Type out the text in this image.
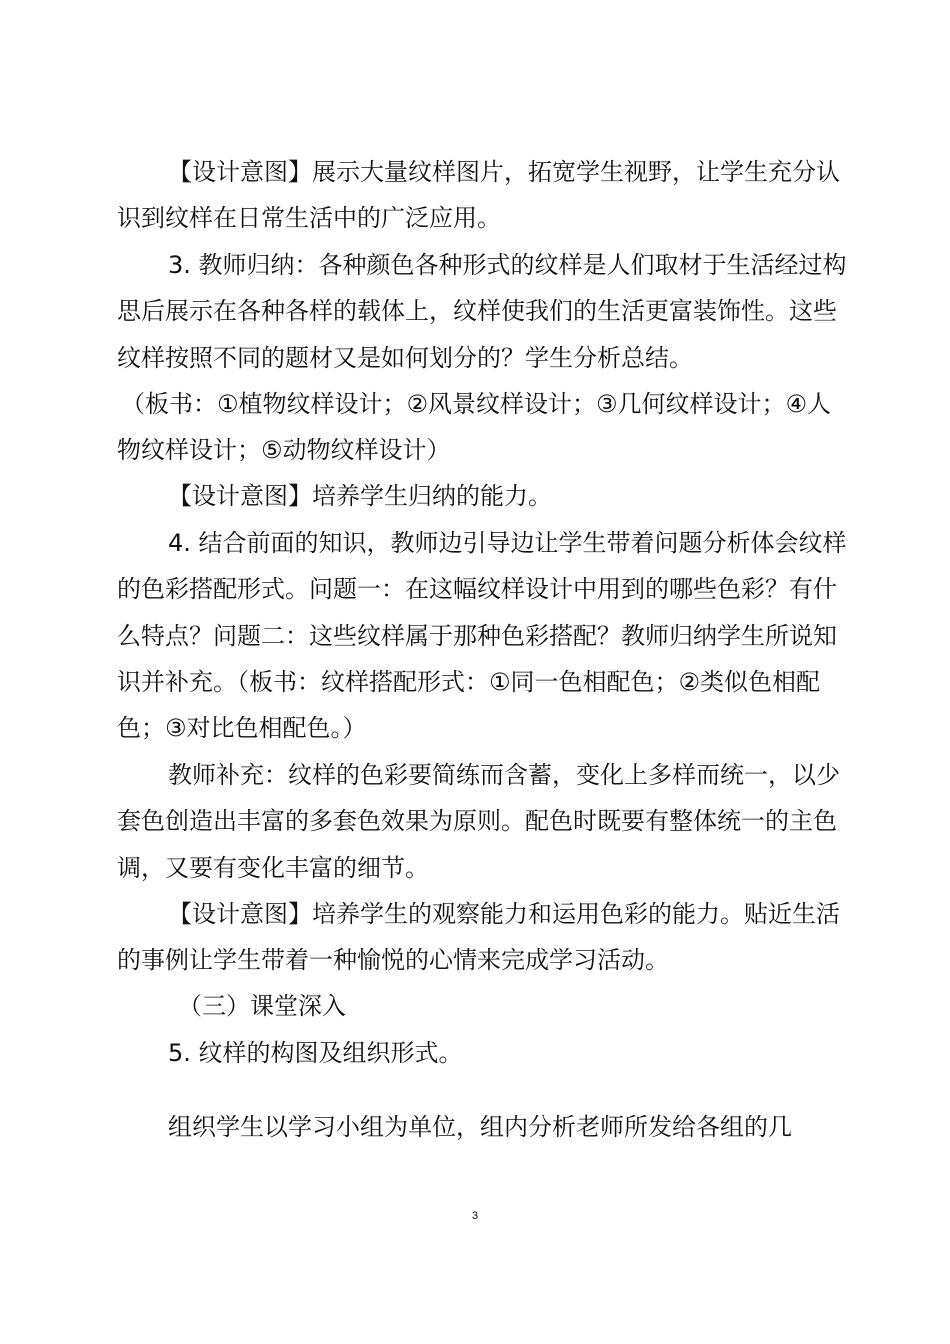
【设计意图】展示大量纹样图片，拓宽学生视野，让学生充分认
识到纹样在日常生活中的广泛应用。
3. 教师归纳：各种颜色各种形式的纹样是人们取材于生活经过构
思后展示在各种各样的载体上，纹样使我们的生活更富装饰性。这些
纹样按照不同的题材又是如何划分的？学生分析总结。
（板书：①植物纹样设计；②风景纹样设计；③几何纹样设计；④人
物纹样设计；⑤动物纹样设计）
【设计意图】培养学生归纳的能力。
4. 结合前面的知识，教师边引导边让学生带着问题分析体会纹样
的色彩搭配形式。问题一：在这幅纹样设计中用到的哪些色彩？有什
么特点？问题二：这些纹样属于那种色彩搭配？教师归纳学生所说知
识并补充。（板书：纹样搭配形式：①同一色相配色；②类似色相配
色；③对比色相配色。）
教师补充：纹样的色彩要简练而含蓄，变化上多样而统一，以少
套色创造出丰富的多套色效果为原则。配色时既要有整体统一的主色
调，又要有变化丰富的细节。
【设计意图】培养学生的观察能力和运用色彩的能力。贴近生活
的事例让学生带着一种愉悦的心情来完成学习活动。
（三）课堂深入
5. 纹样的构图及组织形式。
组织学生以学习小组为单位，组内分析老师所发给各组的几
3
